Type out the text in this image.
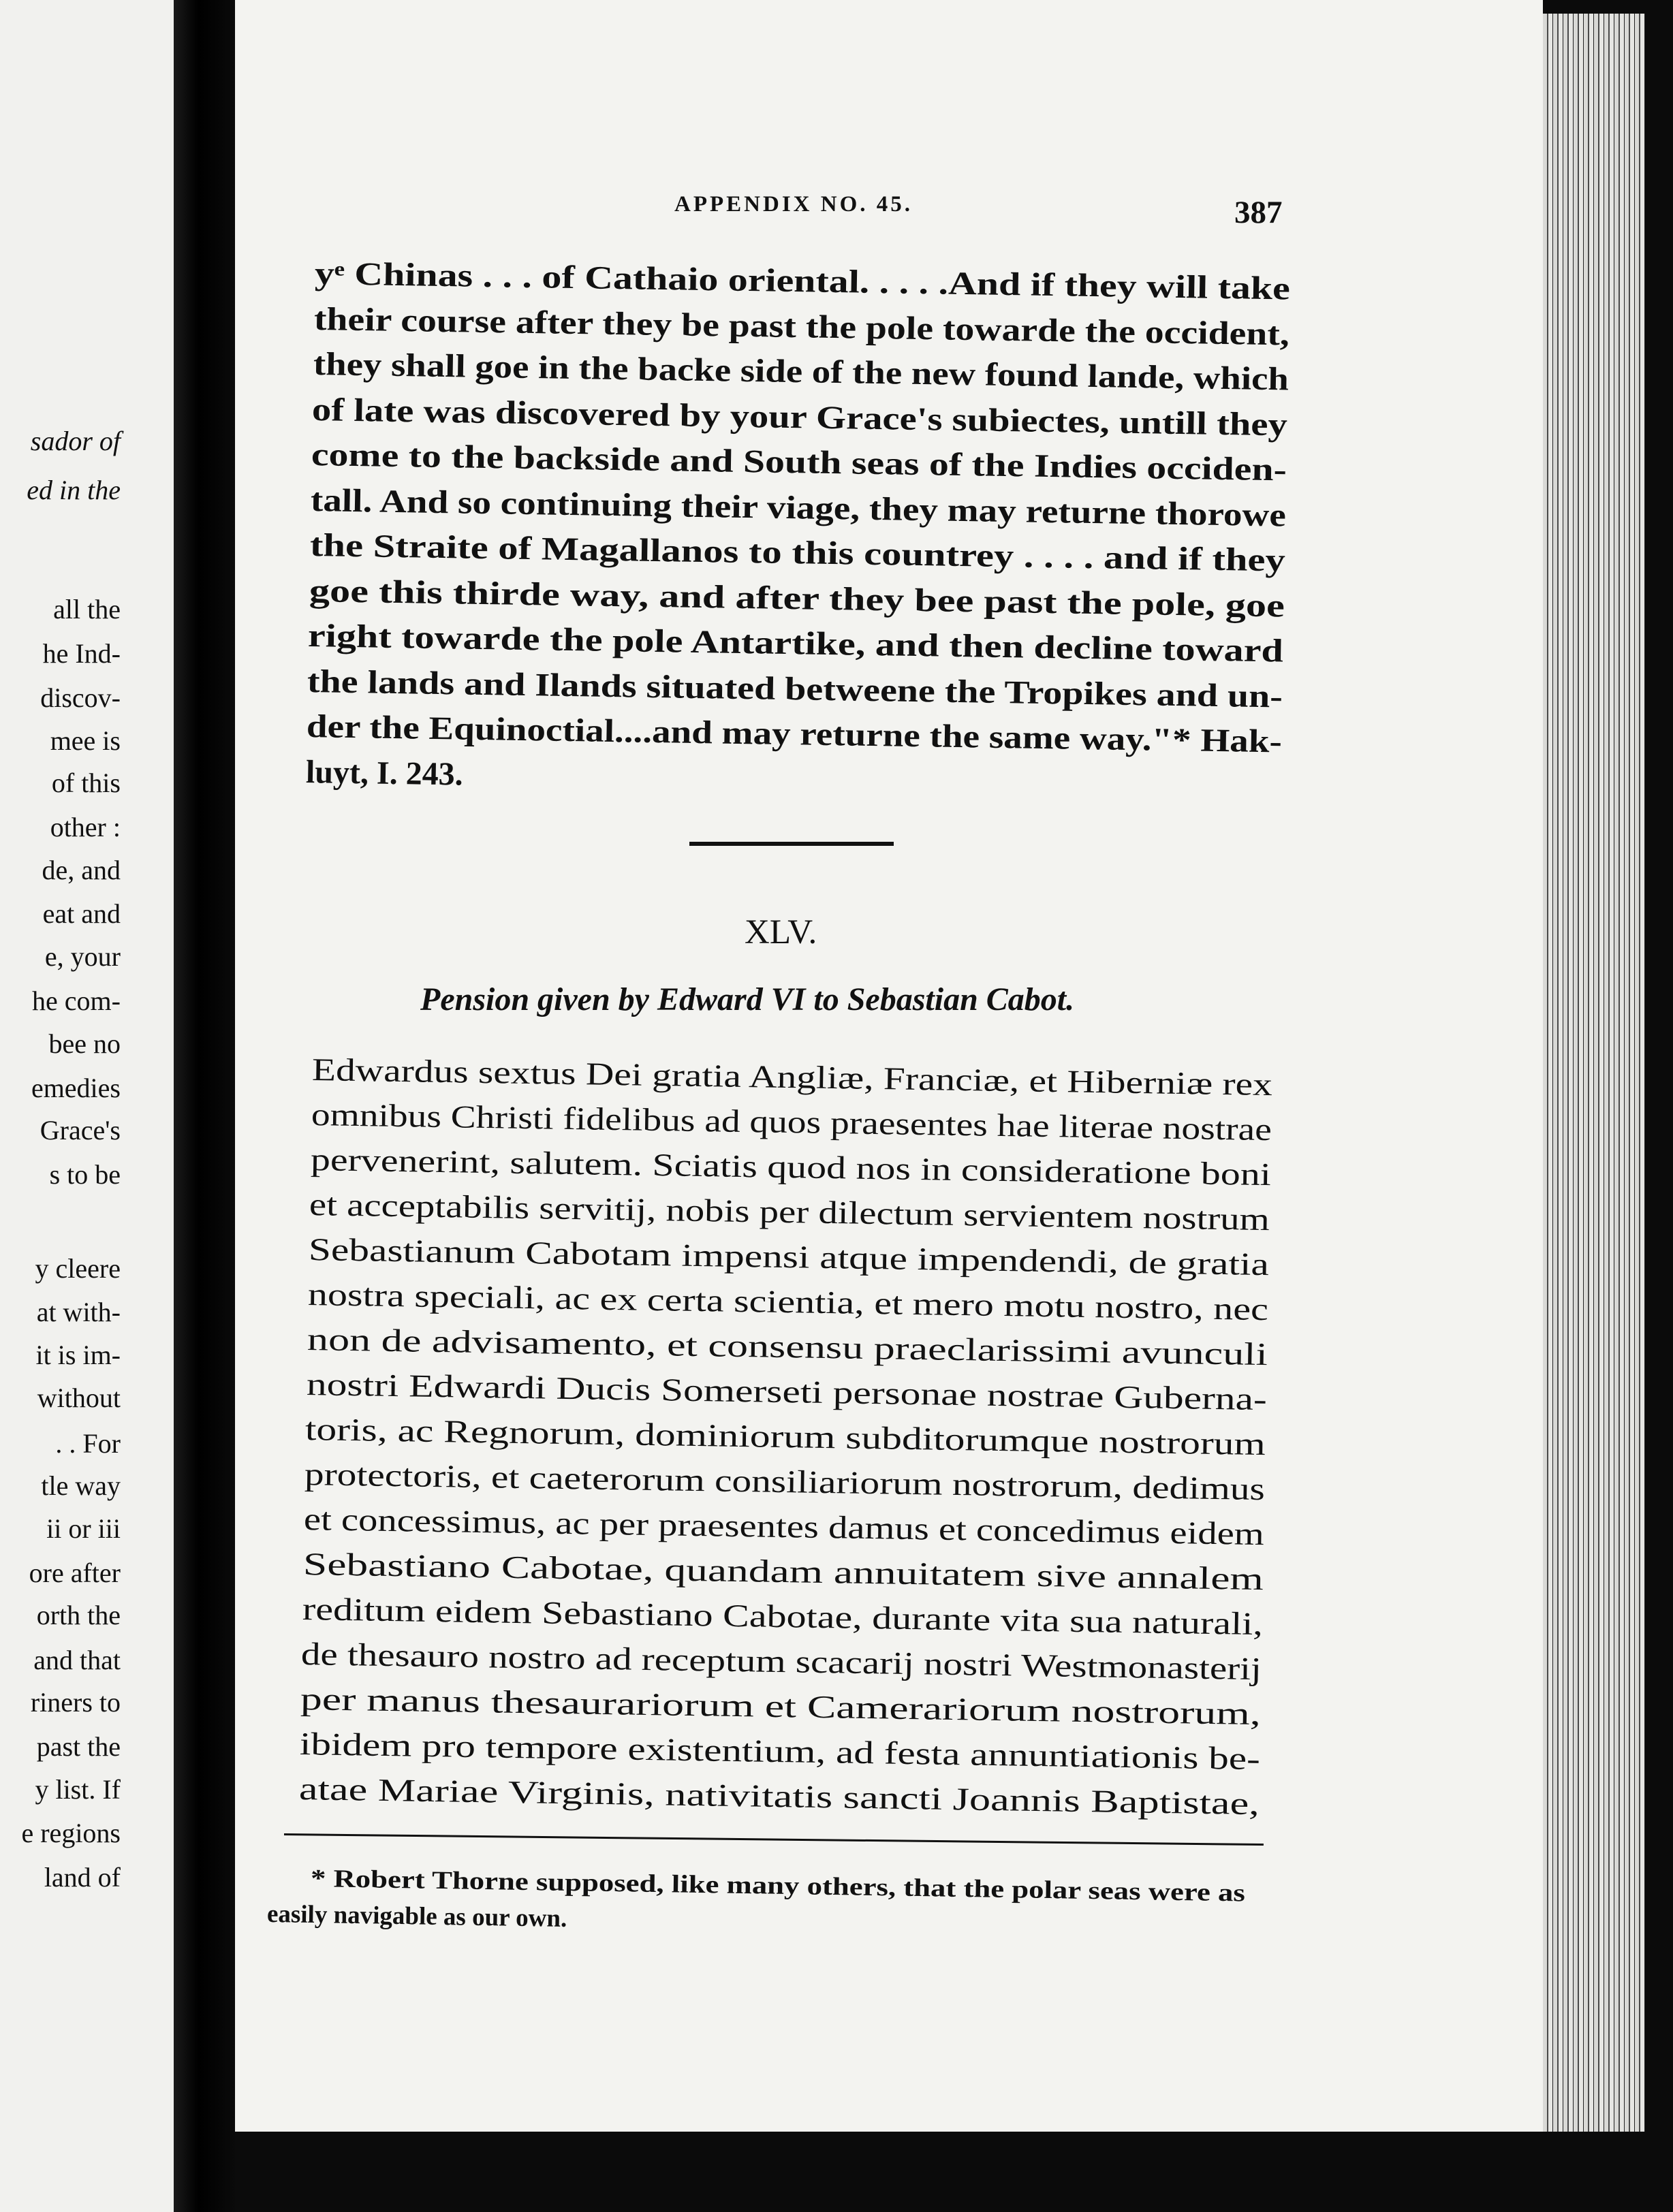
sador of
ed in the
all the
he Ind-
discov-
mee is
of this
other :
de, and
eat and
e, your
he com-
bee no
emedies
Grace's
s to be
y cleere
at with-
it is im-
without
. . For
tle way
ii or iii
ore after
orth the
and that
riners to
past the
y list. If
e regions
land of
APPENDIX NO. 45.	387
yᵉ Chinas . . . of Cathaio oriental. . . . .And if they will take
their course after they be past the pole towarde the occident,
they shall goe in the backe side of the new found lande, which
of late was discovered by your Grace's subiectes, untill they
come to the backside and South seas of the Indies occiden-
tall. And so continuing their viage, they may returne thorowe
the Straite of Magallanos to this countrey . . . . and if they
goe this thirde way, and after they bee past the pole, goe
right towarde the pole Antartike, and then decline toward
the lands and Ilands situated betweene the Tropikes and un-
der the Equinoctial....and may returne the same way."* Hak-
luyt, I. 243.
XLV.
Pension given by Edward VI to Sebastian Cabot.
Edwardus sextus Dei gratia Angliæ, Franciæ, et Hiberniæ rex
omnibus Christi fidelibus ad quos praesentes hae literae nostrae
pervenerint, salutem. Sciatis quod nos in consideratione boni
et acceptabilis servitij, nobis per dilectum servientem nostrum
Sebastianum Cabotam impensi atque impendendi, de gratia
nostra speciali, ac ex certa scientia, et mero motu nostro, nec
non de advisamento, et consensu praeclarissimi avunculi
nostri Edwardi Ducis Somerseti personae nostrae Guberna-
toris, ac Regnorum, dominiorum subditorumque nostrorum
protectoris, et caeterorum consiliariorum nostrorum, dedimus
et concessimus, ac per praesentes damus et concedimus eidem
Sebastiano Cabotae, quandam annuitatem sive annalem
reditum eidem Sebastiano Cabotae, durante vita sua naturali,
de thesauro nostro ad receptum scacarij nostri Westmonasterij
per manus thesaurariorum et Camerariorum nostrorum,
ibidem pro tempore existentium, ad festa annuntiationis be-
atae Mariae Virginis, nativitatis sancti Joannis Baptistae,
* Robert Thorne supposed, like many others, that the polar seas were as
easily navigable as our own.
